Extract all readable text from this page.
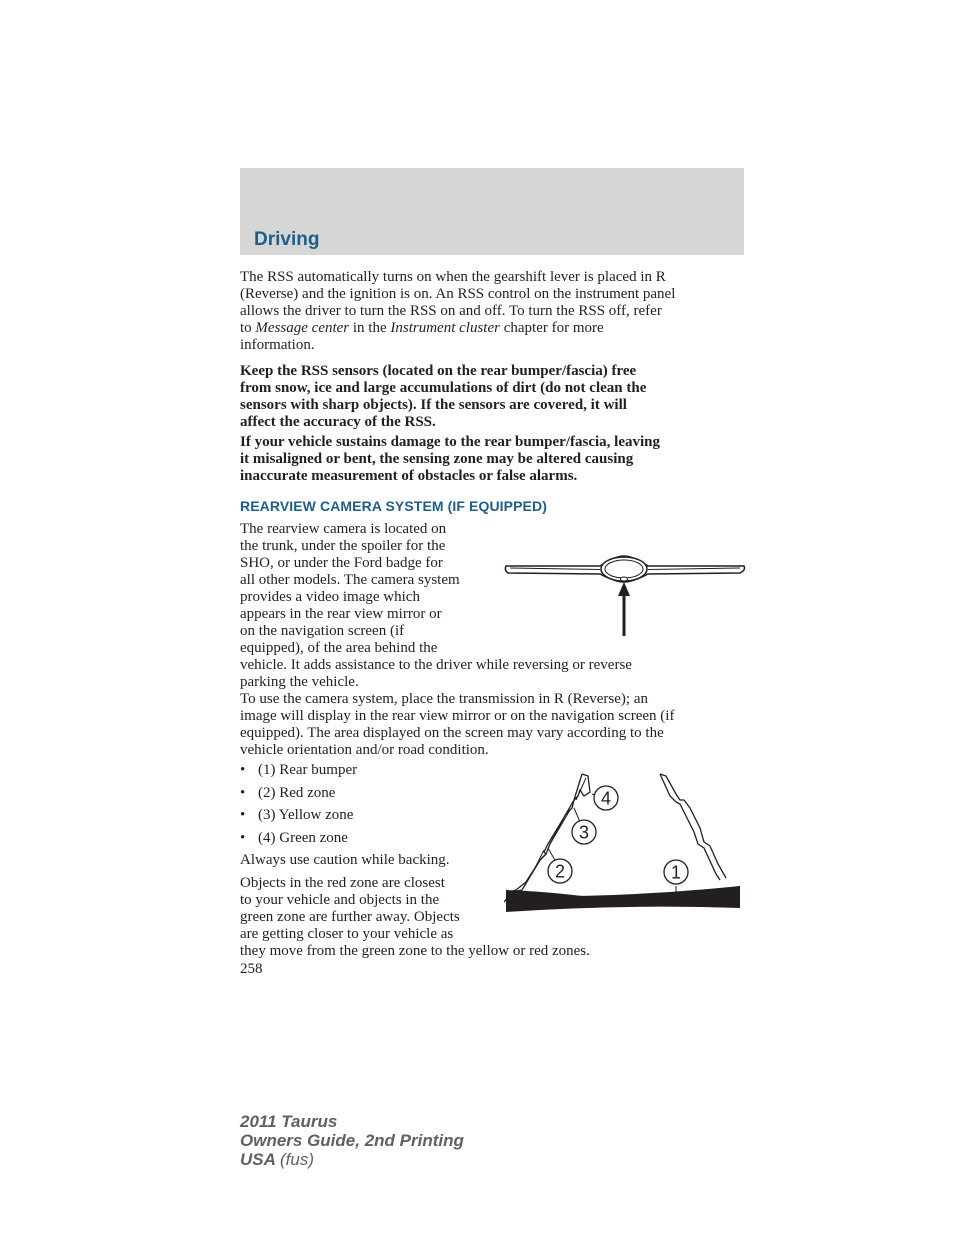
Driving
The RSS automatically turns on when the gearshift lever is placed in R
(Reverse) and the ignition is on. An RSS control on the instrument panel
allows the driver to turn the RSS on and off. To turn the RSS off, refer
to Message center in the Instrument cluster chapter for more
information.
Keep the RSS sensors (located on the rear bumper/fascia) free
from snow, ice and large accumulations of dirt (do not clean the
sensors with sharp objects). If the sensors are covered, it will
affect the accuracy of the RSS.
If your vehicle sustains damage to the rear bumper/fascia, leaving
it misaligned or bent, the sensing zone may be altered causing
inaccurate measurement of obstacles or false alarms.
REARVIEW CAMERA SYSTEM (IF EQUIPPED)
The rearview camera is located on
the trunk, under the spoiler for the
SHO, or under the Ford badge for
all other models. The camera system
provides a video image which
appears in the rear view mirror or
on the navigation screen (if
equipped), of the area behind the
vehicle. It adds assistance to the driver while reversing or reverse
parking the vehicle.
To use the camera system, place the transmission in R (Reverse); an
image will display in the rear view mirror or on the navigation screen (if
equipped). The area displayed on the screen may vary according to the
vehicle orientation and/or road condition.
• (1) Rear bumper
• (2) Red zone
• (3) Yellow zone
• (4) Green zone
Always use caution while backing.
Objects in the red zone are closest
to your vehicle and objects in the
green zone are further away. Objects
are getting closer to your vehicle as
they move from the green zone to the yellow or red zones.
4
3
2	1
258
2011 Taurus
Owners Guide, 2nd Printing
USA (fus)
